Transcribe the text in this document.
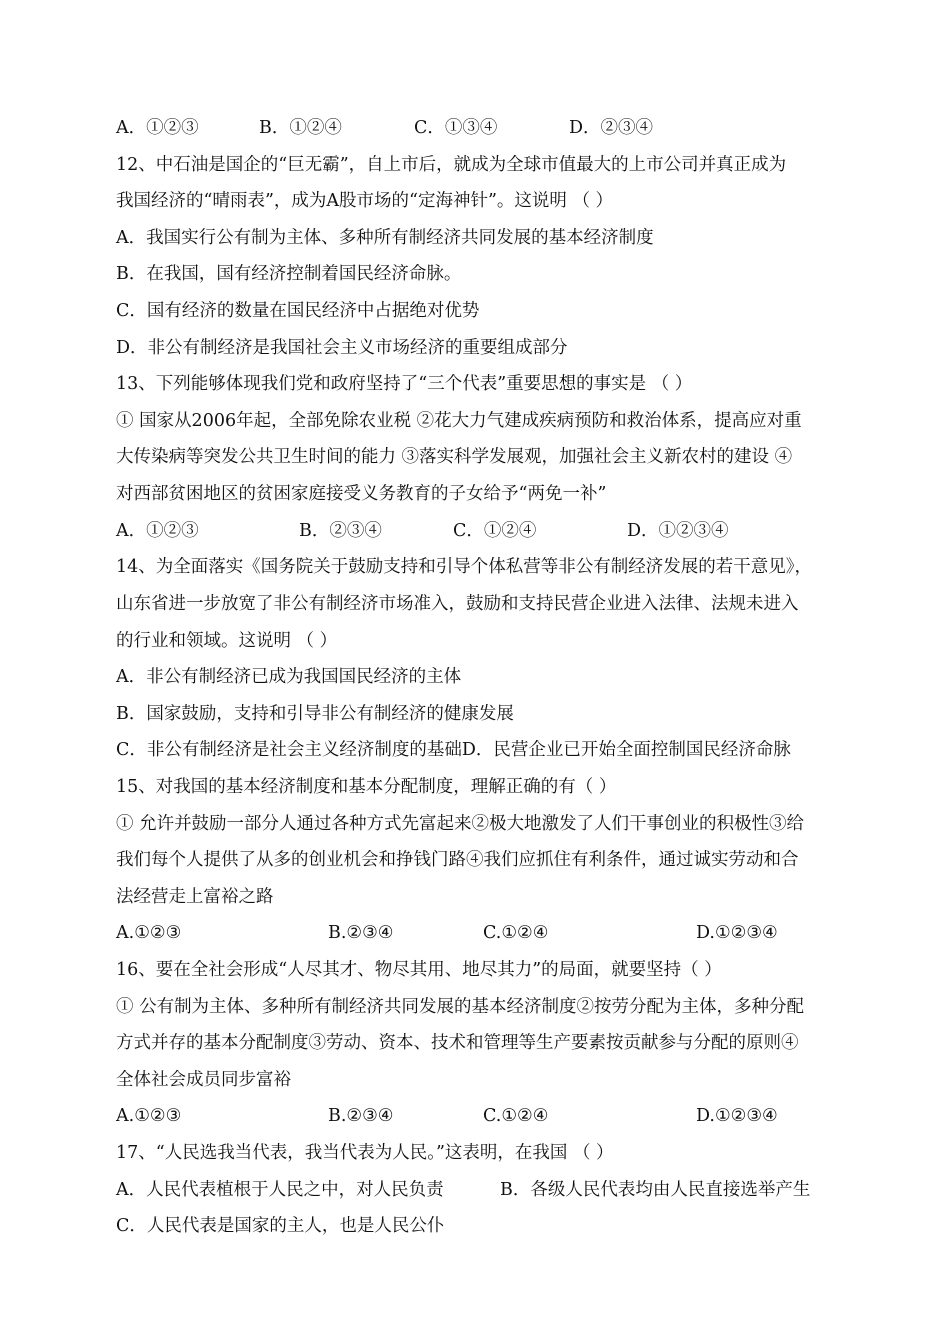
A．①②③	B．①②④	C．①③④	D．②③④
12、中石油是国企的“巨无霸”，自上市后，就成为全球市值最大的上市公司并真正成为
我国经济的“晴雨表”，成为A股市场的“定海神针”。这说明 （ ）
A．我国实行公有制为主体、多种所有制经济共同发展的基本经济制度
B．在我国，国有经济控制着国民经济命脉。
C．国有经济的数量在国民经济中占据绝对优势
D．非公有制经济是我国社会主义市场经济的重要组成部分
13、下列能够体现我们党和政府坚持了“三个代表”重要思想的事实是 （ ）
① 国家从2006年起，全部免除农业税 ②花大力气建成疾病预防和救治体系，提高应对重
大传染病等突发公共卫生时间的能力 ③落实科学发展观，加强社会主义新农村的建设 ④
对西部贫困地区的贫困家庭接受义务教育的子女给予“两免一补”
A．①②③	B．②③④	C．①②④	D．①②③④
14、为全面落实《国务院关于鼓励支持和引导个体私营等非公有制经济发展的若干意见》，
山东省进一步放宽了非公有制经济市场准入，鼓励和支持民营企业进入法律、法规未进入
的行业和领域。这说明 （ ）
A．非公有制经济已成为我国国民经济的主体
B．国家鼓励，支持和引导非公有制经济的健康发展
C．非公有制经济是社会主义经济制度的基础D．民营企业已开始全面控制国民经济命脉
15、对我国的基本经济制度和基本分配制度，理解正确的有（ ）
① 允许并鼓励一部分人通过各种方式先富起来②极大地激发了人们干事创业的积极性③给
我们每个人提供了从多的创业机会和挣钱门路④我们应抓住有利条件，通过诚实劳动和合
法经营走上富裕之路
A.①②③	B.②③④	C.①②④	D.①②③④
16、要在全社会形成“人尽其才、物尽其用、地尽其力”的局面，就要坚持（ ）
① 公有制为主体、多种所有制经济共同发展的基本经济制度②按劳分配为主体，多种分配
方式并存的基本分配制度③劳动、资本、技术和管理等生产要素按贡献参与分配的原则④
全体社会成员同步富裕
A.①②③	B.②③④	C.①②④	D.①②③④
17、“人民选我当代表，我当代表为人民。”这表明，在我国 （ ）
A．人民代表植根于人民之中，对人民负责	B．各级人民代表均由人民直接选举产生
C．人民代表是国家的主人，也是人民公仆
